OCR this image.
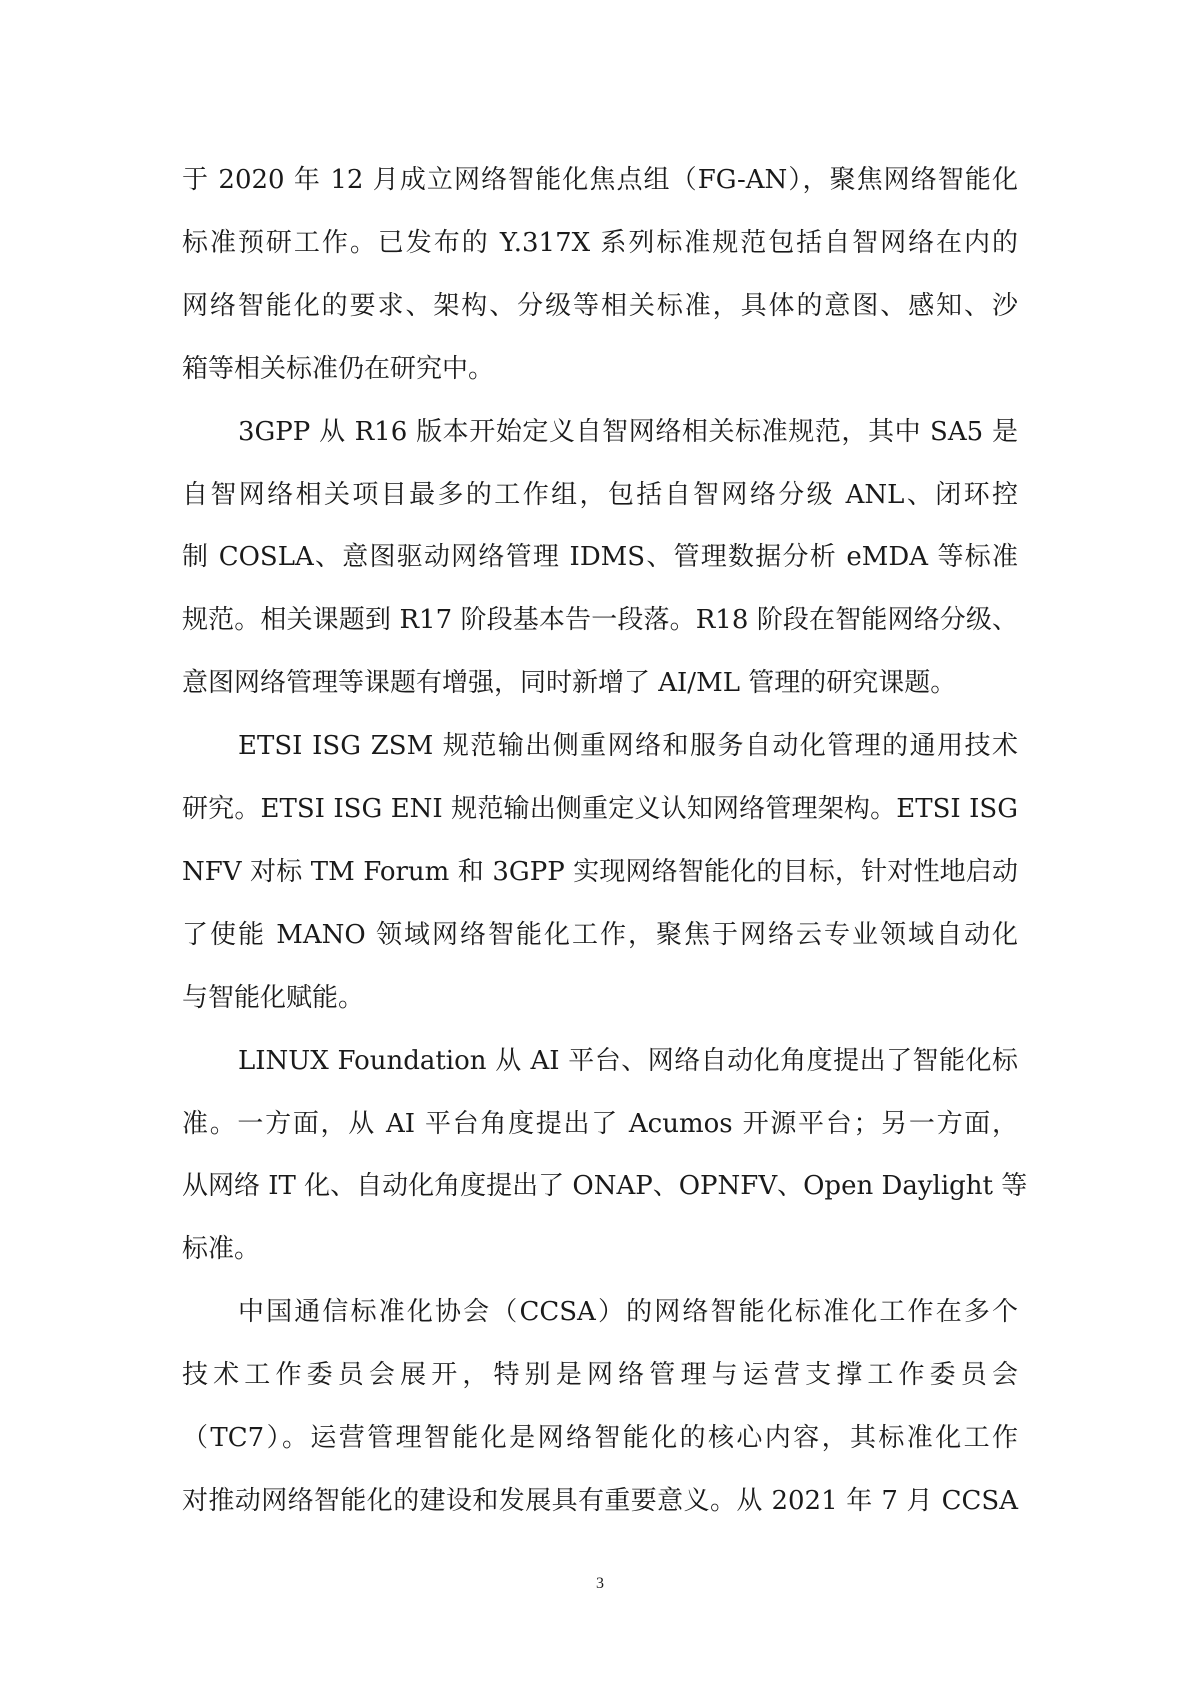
于 2020 年 12 月成立网络智能化焦点组（FG-AN），聚焦网络智能化
标准预研工作。已发布的 Y.317X 系列标准规范包括自智网络在内的
网络智能化的要求、架构、分级等相关标准，具体的意图、感知、沙
箱等相关标准仍在研究中。
3GPP 从 R16 版本开始定义自智网络相关标准规范，其中 SA5 是
自智网络相关项目最多的工作组，包括自智网络分级 ANL、闭环控
制 COSLA、意图驱动网络管理 IDMS、管理数据分析 eMDA 等标准
规范。相关课题到 R17 阶段基本告一段落。R18 阶段在智能网络分级、
意图网络管理等课题有增强，同时新增了 AI/ML 管理的研究课题。
ETSI ISG ZSM 规范输出侧重网络和服务自动化管理的通用技术
研究。ETSI ISG ENI 规范输出侧重定义认知网络管理架构。ETSI ISG
NFV 对标 TM Forum 和 3GPP 实现网络智能化的目标，针对性地启动
了使能 MANO 领域网络智能化工作，聚焦于网络云专业领域自动化
与智能化赋能。
LINUX Foundation 从 AI 平台、网络自动化角度提出了智能化标
准。一方面，从 AI 平台角度提出了 Acumos 开源平台；另一方面，
从网络 IT 化、自动化角度提出了 ONAP、OPNFV、Open Daylight 等
标准。
中国通信标准化协会（CCSA）的网络智能化标准化工作在多个
技术工作委员会展开，特别是网络管理与运营支撑工作委员会
（TC7）。运营管理智能化是网络智能化的核心内容，其标准化工作
对推动网络智能化的建设和发展具有重要意义。从 2021 年 7 月 CCSA
3
